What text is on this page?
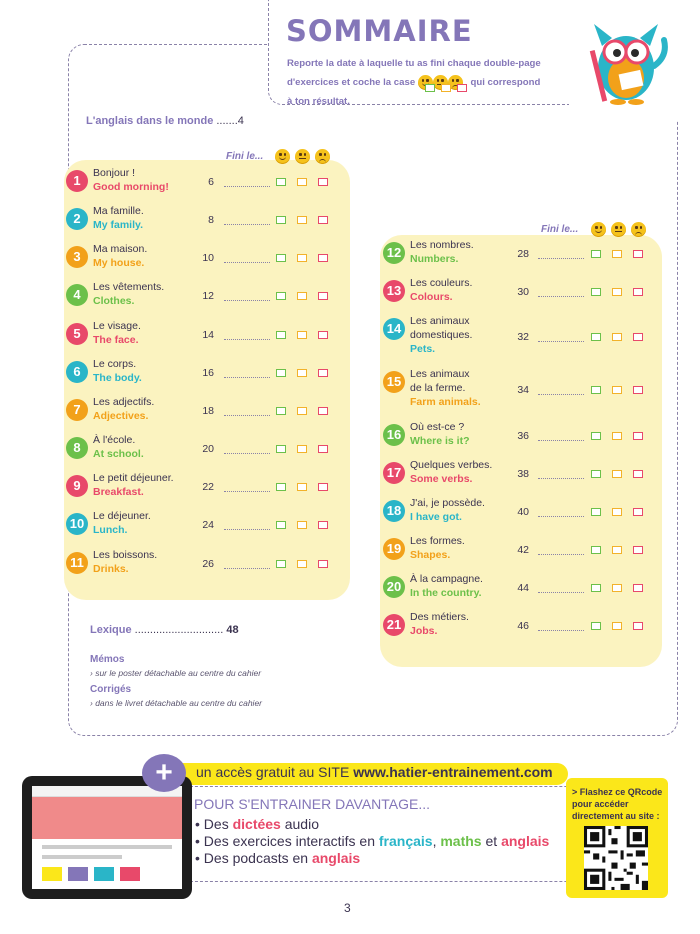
SOMMAIRE
Reporte la date à laquelle tu as fini chaque double-page
d'exercices et coche la case	qui correspond
à ton résultat.
L'anglais dans le monde .......4
Fini le...
1	Bonjour !
Good morning!	6
2	Ma famille.
My family.	8
3	Ma maison.
My house.	10
4	Les vêtements.
Clothes.	12
5	Le visage.
The face.	14
6	Le corps.
The body.	16
7	Les adjectifs.
Adjectives.	18
8	À l'école.
At school.	20
9	Le petit déjeuner.
Breakfast.	22
10 Le déjeuner.
Lunch.	24
11 Les boissons.
Drinks.	26
Fini le...
12 Les nombres.
Numbers.	28
13 Les couleurs.
Colours.	30
14 Les animaux
domestiques.
Pets.
32
15 Les animaux
de la ferme.
Farm animals.
34
16 Où est-ce ?
Where is it?	36
17 Quelques verbes.
Some verbs.	38
18 J'ai, je possède.
I have got.	40
19 Les formes.
Shapes.	42
20 À la campagne.
In the country.	44
21 Des métiers.
Jobs.	46
Lexique ............................. 48
Mémos
› sur le poster détachable au centre du cahier
Corrigés
› dans le livret détachable au centre du cahier
+	un accès gratuit au SITE www.hatier-entrainement.com
POUR S'ENTRAINER DAVANTAGE...
• Des dictées audio
• Des exercices interactifs en français, maths et anglais
• Des podcasts en anglais
> Flashez ce QRcode pour accéder directement au site :
3
